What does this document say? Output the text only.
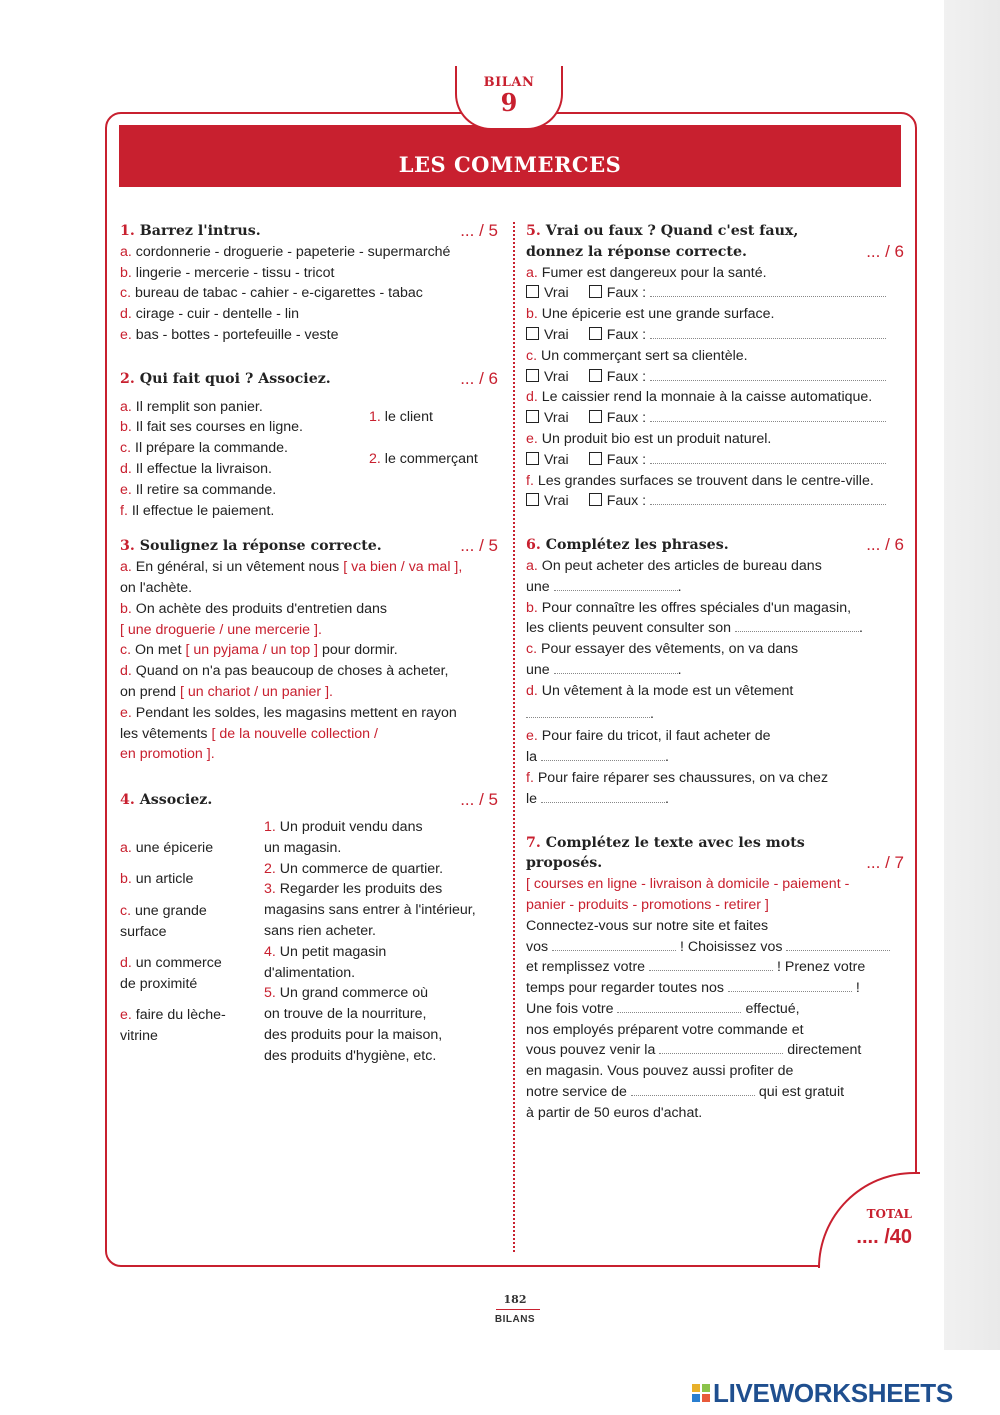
BILAN
9
LES COMMERCES
1. Barrez l'intrus.	... / 5
a. cordonnerie - droguerie - papeterie - supermarché
b. lingerie - mercerie - tissu - tricot
c. bureau de tabac - cahier - e-cigarettes - tabac
d. cirage - cuir - dentelle - lin
e. bas - bottes - portefeuille - veste
2. Qui fait quoi ? Associez.	... / 6
a. Il remplit son panier.
b. Il fait ses courses en ligne.
c. Il prépare la commande.
d. Il effectue la livraison.
e. Il retire sa commande.
f. Il effectue le paiement.
1. le client
2. le commerçant
3. Soulignez la réponse correcte.	... / 5
a. En général, si un vêtement nous [ va bien / va mal ],
on l'achète.
b. On achète des produits d'entretien dans
[ une droguerie / une mercerie ].
c. On met [ un pyjama / un top ] pour dormir.
d. Quand on n'a pas beaucoup de choses à acheter,
on prend [ un chariot / un panier ].
e. Pendant les soldes, les magasins mettent en rayon
les vêtements [ de la nouvelle collection /
en promotion ].
4. Associez.	... / 5
a. une épicerie
b. un article
c. une grande
surface
d. un commerce
de proximité
e. faire du lèche-
vitrine
1. Un produit vendu dans
un magasin.
2. Un commerce de quartier.
3. Regarder les produits des
magasins sans entrer à l'intérieur,
sans rien acheter.
4. Un petit magasin
d'alimentation.
5. Un grand commerce où
on trouve de la nourriture,
des produits pour la maison,
des produits d'hygiène, etc.
5. Vrai ou faux ? Quand c'est faux,
donnez la réponse correcte.	... / 6
a. Fumer est dangereux pour la santé.
Vrai	Faux :
b. Une épicerie est une grande surface.
Vrai	Faux :
c. Un commerçant sert sa clientèle.
Vrai	Faux :
d. Le caissier rend la monnaie à la caisse automatique.
Vrai	Faux :
e. Un produit bio est un produit naturel.
Vrai	Faux :
f. Les grandes surfaces se trouvent dans le centre-ville.
Vrai	Faux :
6. Complétez les phrases.	... / 6
a. On peut acheter des articles de bureau dans
une	.
b. Pour connaître les offres spéciales d'un magasin,
les clients peuvent consulter son	.
c. Pour essayer des vêtements, on va dans
une	.
d. Un vêtement à la mode est un vêtement
.
e. Pour faire du tricot, il faut acheter de
la	.
f. Pour faire réparer ses chaussures, on va chez
le	.
7. Complétez le texte avec les mots
proposés.	... / 7
[ courses en ligne - livraison à domicile - paiement -
panier - produits - promotions - retirer ]
Connectez-vous sur notre site et faites
vos	! Choisissez vos
et remplissez votre	! Prenez votre
temps pour regarder toutes nos	!
Une fois votre	effectué,
nos employés préparent votre commande et
vous pouvez venir la	directement
en magasin. Vous pouvez aussi profiter de
notre service de	qui est gratuit
à partir de 50 euros d'achat.
TOTAL
.... /40
182
BILANS
LIVEWORKSHEETS
